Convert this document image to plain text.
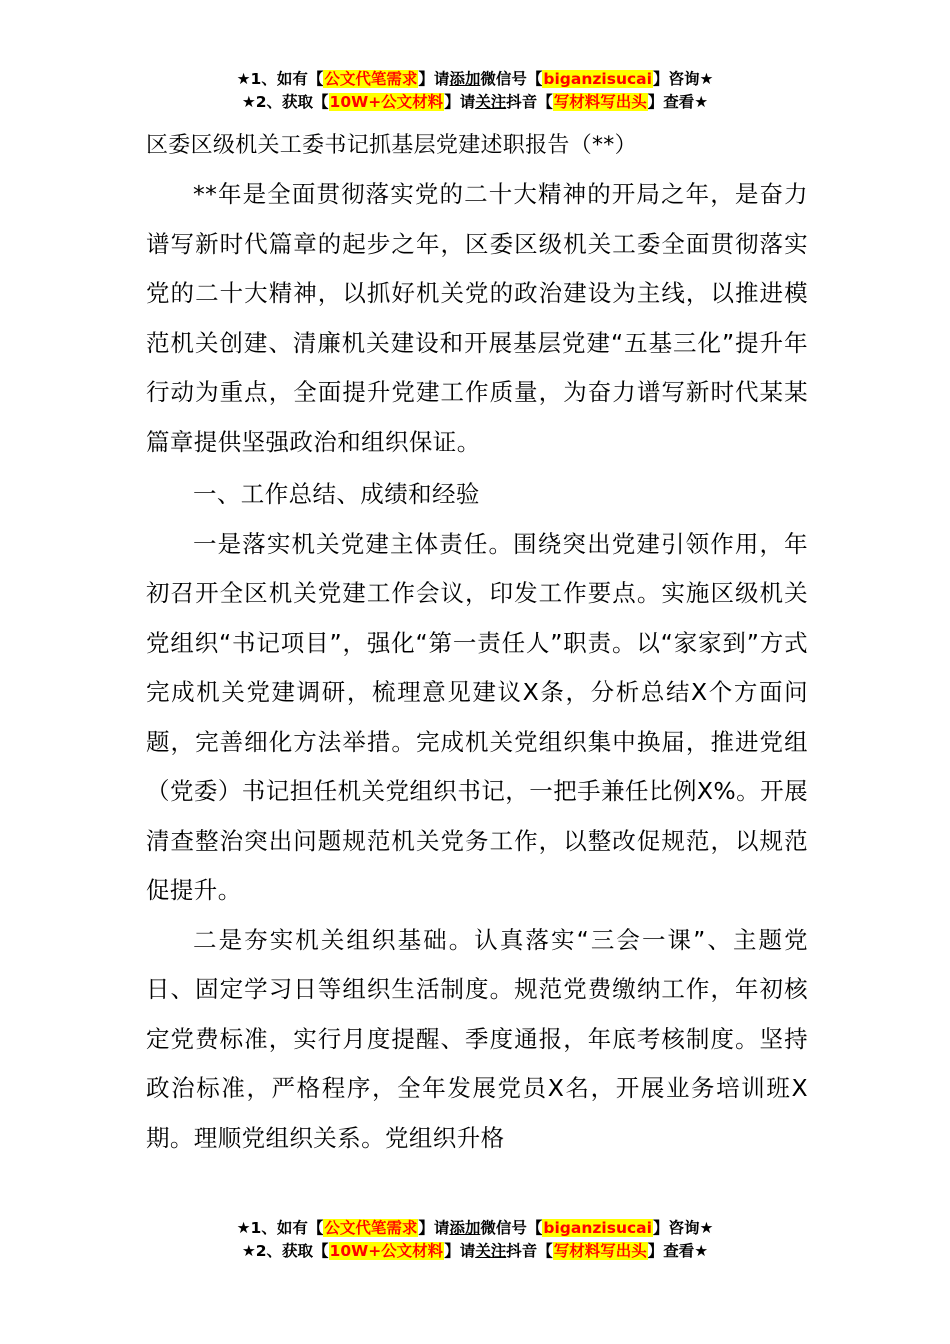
★1、如有【公文代笔需求】请添加微信号【biganzisucai】咨询★
★2、获取【10W+公文材料】请关注抖音【写材料写出头】查看★
区委区级机关工委书记抓基层党建述职报告（**）

**年是全面贯彻落实党的二十大精神的开局之年，是奋力谱写新时代篇章的起步之年，区委区级机关工委全面贯彻落实党的二十大精神，以抓好机关党的政治建设为主线，以推进模范机关创建、清廉机关建设和开展基层党建“五基三化”提升年行动为重点，全面提升党建工作质量，为奋力谱写新时代某某篇章提供坚强政治和组织保证。

一、工作总结、成绩和经验

一是落实机关党建主体责任。围绕突出党建引领作用，年初召开全区机关党建工作会议，印发工作要点。实施区级机关党组织“书记项目”，强化“第一责任人”职责。以“家家到”方式完成机关党建调研，梳理意见建议X条，分析总结X个方面问题，完善细化方法举措。完成机关党组织集中换届，推进党组（党委）书记担任机关党组织书记，一把手兼任比例X%。开展清查整治突出问题规范机关党务工作，以整改促规范，以规范促提升。

二是夯实机关组织基础。认真落实“三会一课”、主题党日、固定学习日等组织生活制度。规范党费缴纳工作，年初核定党费标准，实行月度提醒、季度通报，年底考核制度。坚持政治标准，严格程序，全年发展党员X名，开展业务培训班X期。理顺党组织关系。党组织升格

★1、如有【公文代笔需求】请添加微信号【biganzisucai】咨询★
★2、获取【10W+公文材料】请关注抖音【写材料写出头】查看★
